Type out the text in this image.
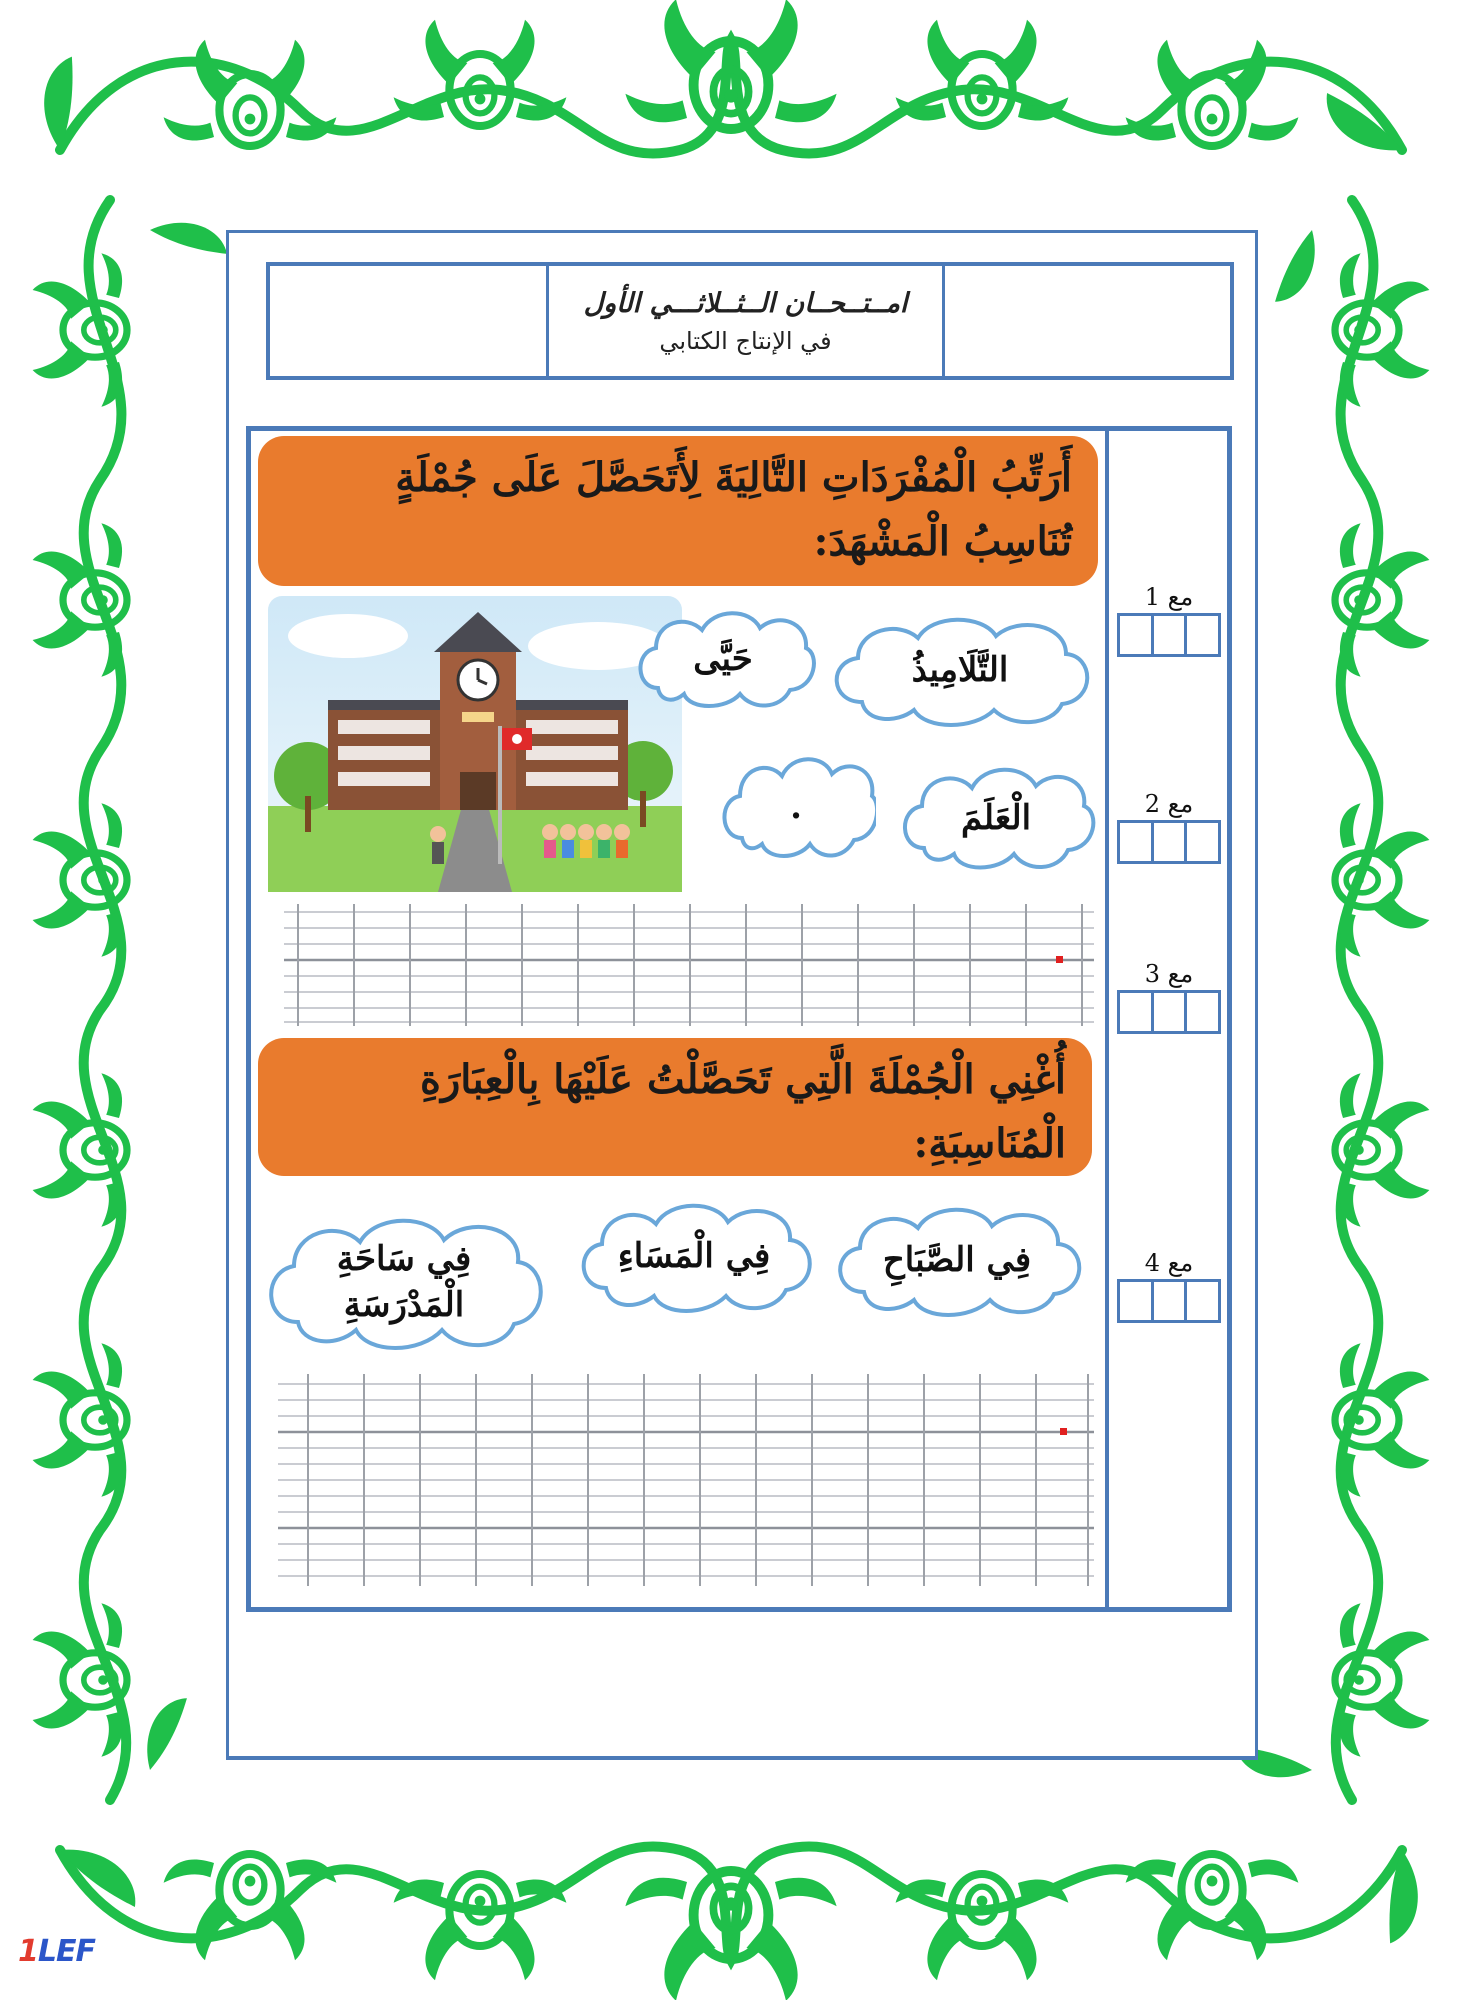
امــتــحــان الــثــلاثـــي الأول
في الإنتاج الكتابي
مع 1
مع 2
مع 3
مع 4
أَرَتِّبُ الْمُفْرَدَاتِ التَّالِيَةَ لِأَتَحَصَّلَ عَلَى جُمْلَةٍ تُنَاسِبُ الْمَشْهَدَ:
التَّلَامِيذُ
حَيَّى
الْعَلَمَ
.
أُغْنِي الْجُمْلَةَ الَّتِي تَحَصَّلْتُ عَلَيْهَا بِالْعِبَارَةِ الْمُنَاسِبَةِ:
فِي الصَّبَاحِ
فِي الْمَسَاءِ
فِي سَاحَةِ الْمَدْرَسَةِ
1LEF
